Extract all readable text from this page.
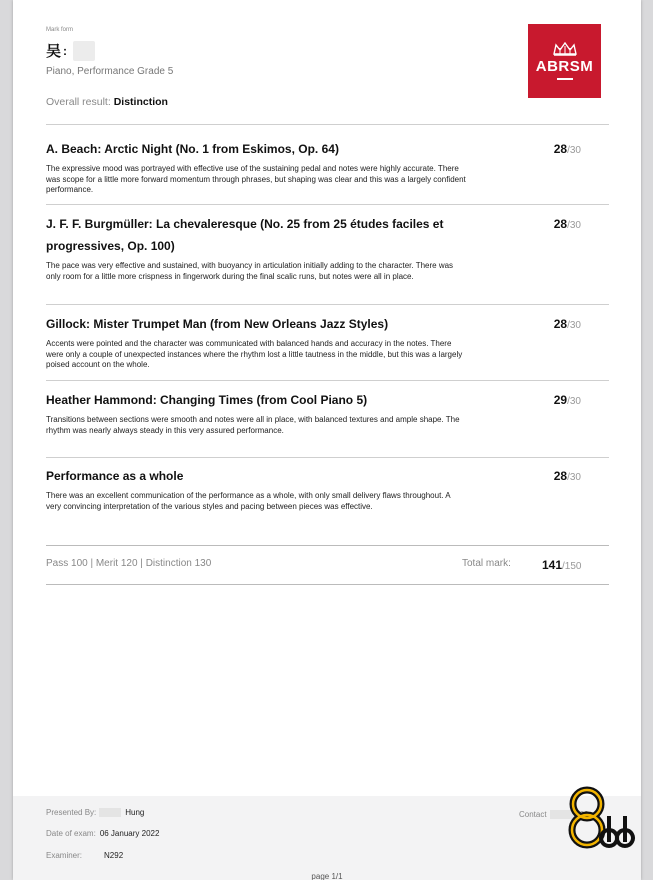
Mark form
吴 :
Piano, Performance Grade 5
Overall result: Distinction
ABRSM
A. Beach: Arctic Night (No. 1 from Eskimos, Op. 64)	28/30
The expressive mood was portrayed with effective use of the sustaining pedal and notes were highly accurate. There was scope for a little more forward momentum through phrases, but shaping was clear and this was a largely confident performance.
J. F. F. Burgmüller: La chevaleresque (No. 25 from 25 études faciles et progressives, Op. 100)
28/30
The pace was very effective and sustained, with buoyancy in articulation initially adding to the character. There was only room for a little more crispness in fingerwork during the final scalic runs, but notes were all in place.
Gillock: Mister Trumpet Man (from New Orleans Jazz Styles)	28/30
Accents were pointed and the character was communicated with balanced hands and accuracy in the notes. There were only a couple of unexpected instances where the rhythm lost a little tautness in the middle, but this was a largely poised account on the whole.
Heather Hammond: Changing Times (from Cool Piano 5)	29/30
Transitions between sections were smooth and notes were all in place, with balanced textures and ample shape. The rhythm was nearly always steady in this very assured performance.
Performance as a whole	28/30
There was an excellent communication of the performance as a whole, with only small delivery flaws throughout. A very convincing interpretation of the various styles and pacing between pieces was effective.
Pass 100 | Merit 120 | Distinction 130	Total mark:	141/150
Presented By:	Hung
Date of exam: 06 January 2022
Examiner:	N292
Contact	09
page 1/1
